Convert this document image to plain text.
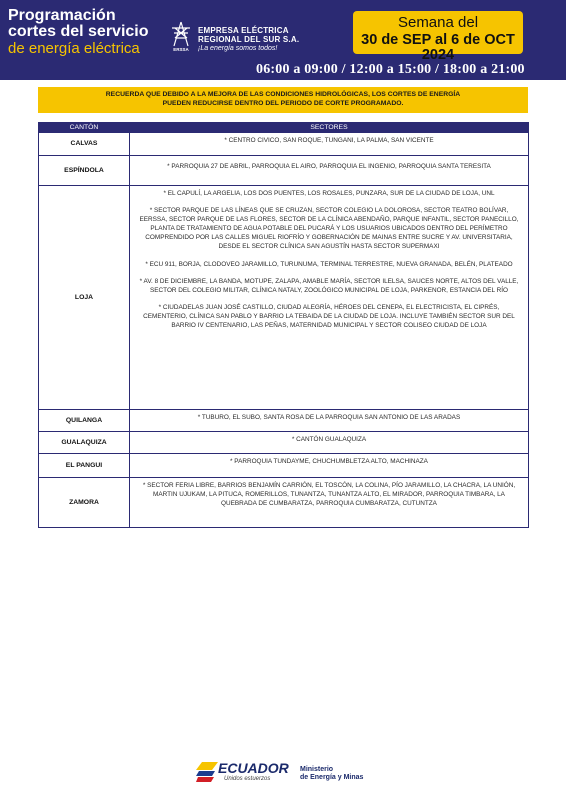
Programación
cortes del servicio
de energía eléctrica	ERSSA
EMPRESA ELÉCTRICA
REGIONAL DEL SUR S.A.
¡La energía somos todos!
Semana del
30 de SEP al 6 de OCT 2024
06:00 a 09:00 / 12:00 a 15:00 / 18:00 a 21:00
RECUERDA QUE DEBIDO A LA MEJORA DE LAS CONDICIONES HIDROLÓGICAS, LOS CORTES DE ENERGÍA
PUEDEN REDUCIRSE DENTRO DEL PERIODO DE CORTE PROGRAMADO.
CANTÓN	SECTORES
CALVAS	* CENTRO CIVICO, SAN ROQUE, TUNGANI, LA PALMA, SAN VICENTE

ESPÍNDOLA	* PARROQUIA 27 DE ABRIL, PARROQUIA EL AIRO, PARROQUIA EL INGENIO, PARROQUIA SANTA TERESITA

LOJA	* EL CAPULÍ, LA ARGELIA, LOS DOS PUENTES, LOS ROSALES, PUNZARA, SUR DE LA CIUDAD DE LOJA, UNL

* SECTOR PARQUE DE LAS LÍNEAS QUE SE CRUZAN, SECTOR COLEGIO LA DOLOROSA, SECTOR TEATRO BOLÍVAR, EERSSA, SECTOR PARQUE DE LAS FLORES, SECTOR DE LA CLÍNICA ABENDAÑO, PARQUE INFANTIL, SECTOR PANECILLO, PLANTA DE TRATAMIENTO DE AGUA POTABLE DEL PUCARÁ Y LOS USUARIOS UBICADOS DENTRO DEL PERÍMETRO COMPRENDIDO POR LAS CALLES MIGUEL RIOFRÍO Y GOBERNACIÓN DE MAINAS ENTRE SUCRE Y AV. UNIVERSITARIA, DESDE EL SECTOR CLÍNICA SAN AGUSTÍN HASTA SECTOR SUPERMAXI

* ECU 911, BORJA, CLODOVEO JARAMILLO, TURUNUMA, TERMINAL TERRESTRE, NUEVA GRANADA, BELÉN, PLATEADO

* AV. 8 DE DICIEMBRE, LA BANDA, MOTUPE, ZALAPA, AMABLE MARÍA, SECTOR ILELSA, SAUCES NORTE, ALTOS DEL VALLE, SECTOR DEL COLEGIO MILITAR, CLÍNICA NATALY, ZOOLÓGICO MUNICIPAL DE LOJA, PARKENOR, ESTANCIA DEL RÍO

* CIUDADELAS JUAN JOSÉ CASTILLO, CIUDAD ALEGRÍA, HÉROES DEL CENEPA, EL ELECTRICISTA, EL CIPRÉS, CEMENTERIO, CLÍNICA SAN PABLO Y BARRIO LA TEBAIDA DE LA CIUDAD DE LOJA. INCLUYE TAMBIÉN SECTOR SUR DEL BARRIO IV CENTENARIO, LAS PEÑAS, MATERNIDAD MUNICIPAL Y SECTOR COLISEO CIUDAD DE LOJA

QUILANGA	* TUBURO, EL SUBO, SANTA ROSA DE LA PARROQUIA SAN ANTONIO DE LAS ARADAS

GUALAQUIZA	* CANTÓN GUALAQUIZA

EL PANGUI	* PARROQUIA TUNDAYME, CHUCHUMBLETZA ALTO, MACHINAZA

ZAMORA	* SECTOR FERIA LIBRE, BARRIOS BENJAMÍN CARRIÓN, EL TOSCÓN, LA COLINA, PÍO JARAMILLO, LA CHACRA, LA UNIÓN, MARTIN UJUKAM, LA PITUCA, ROMERILLOS, TUNANTZA, TUNANTZA ALTO, EL MIRADOR, PARROQUIA TIMBARA, LA QUEBRADA DE CUMBARATZA, PARROQUIA CUMBARATZA, CUTUNTZA

ECUADOR
Unidos estuerzos
Ministerio
de Energía y Minas
